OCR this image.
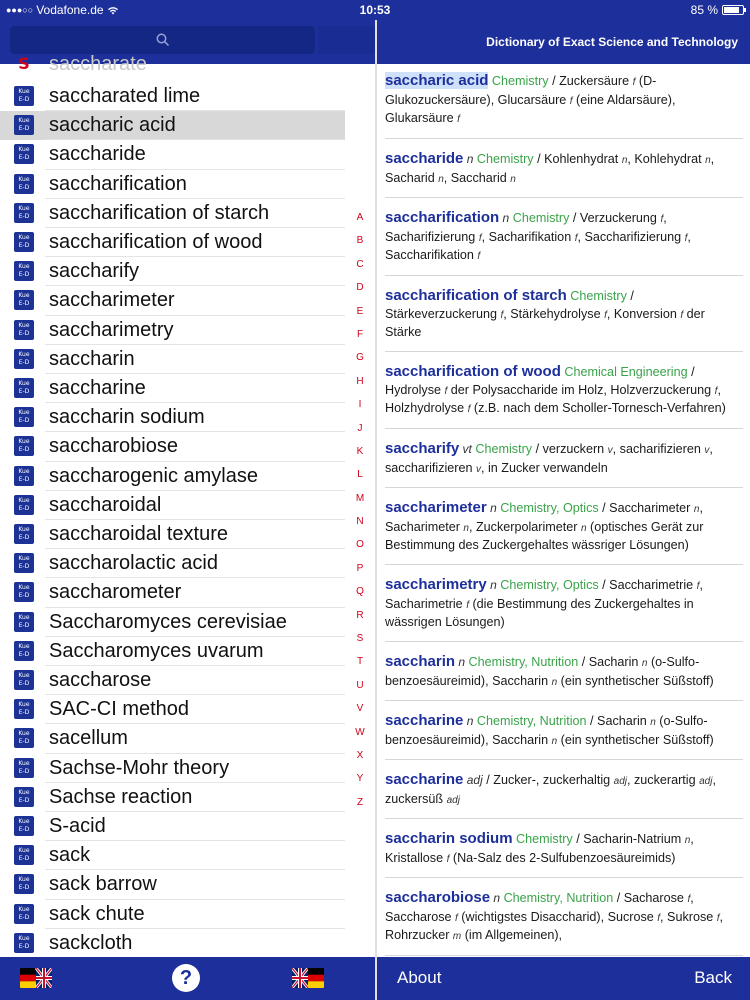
●●●○○ Vodafone.de	10:53	85 %
S saccharate
Kue
E-D saccharated lime
Kue
E-D saccharic acid
Kue
E-D saccharide
Kue
E-D saccharification
Kue
E-D saccharification of starch
Kue
E-D saccharification of wood
Kue
E-D saccharify
Kue
E-D saccharimeter
Kue
E-D saccharimetry
Kue
E-D saccharin
Kue
E-D saccharine
Kue
E-D saccharin sodium
Kue
E-D saccharobiose
Kue
E-D saccharogenic amylase
Kue
E-D saccharoidal
Kue
E-D saccharoidal texture
Kue
E-D saccharolactic acid
Kue
E-D saccharometer
Kue
E-D Saccharomyces cerevisiae
Kue
E-D Saccharomyces uvarum
Kue
E-D saccharose
Kue
E-D SAC-CI method
Kue
E-D sacellum
Kue
E-D Sachse-Mohr theory
Kue
E-D Sachse reaction
Kue
E-D S-acid
Kue
E-D sack
Kue
E-D sack barrow
Kue
E-D sack chute
Kue
E-D sackcloth
A
B
C
D
E
F
G
H
I
J
K
L
M
N
O
P
Q
R
S
T
U
V
W
X
Y
Z
?
Dictionary of Exact Science and Technology
saccharic acid Chemistry / Zuckersäure f (D-Glukozuckersäure), Glucarsäure f (eine Aldarsäure), Glukarsäure f
saccharide n Chemistry / Kohlenhydrat n, Kohlehydrat n, Sacharid n, Saccharid n
saccharification n Chemistry / Verzuckerung f, Sacharifizierung f, Sacharifikation f, Saccharifizierung f, Saccharifikation f
saccharification of starch Chemistry / Stärkeverzuckerung f, Stärkehydrolyse f, Konversion f der Stärke
saccharification of wood Chemical Engineering / Hydrolyse f der Polysaccharide im Holz, Holzverzuckerung f, Holzhydrolyse f (z.B. nach dem Scholler-Tornesch-Verfahren)
saccharify vt Chemistry / verzuckern v, sacharifizieren v, saccharifizieren v, in Zucker verwandeln
saccharimeter n Chemistry, Optics / Saccharimeter n, Sacharimeter n, Zuckerpolarimeter n (optisches Gerät zur Bestimmung des Zuckergehaltes wässriger Lösungen)
saccharimetry n Chemistry, Optics / Saccharimetrie f, Sacharimetrie f (die Bestimmung des Zuckergehaltes in wässrigen Lösungen)
saccharin n Chemistry, Nutrition / Sacharin n (o-Sulfo-benzoesäureimid), Saccharin n (ein synthetischer Süßstoff)
saccharine n Chemistry, Nutrition / Sacharin n (o-Sulfo-benzoesäureimid), Saccharin n (ein synthetischer Süßstoff)
saccharine adj / Zucker-, zuckerhaltig adj, zuckerartig adj, zuckersüß adj
saccharin sodium Chemistry / Sacharin-Natrium n, Kristallose f (Na-Salz des 2-Sulfubenzoesäureimids)
saccharobiose n Chemistry, Nutrition / Sacharose f, Saccharose f (wichtigstes Disaccharid), Sucrose f, Sukrose f, Rohrzucker m (im Allgemeinen),
About	Back
